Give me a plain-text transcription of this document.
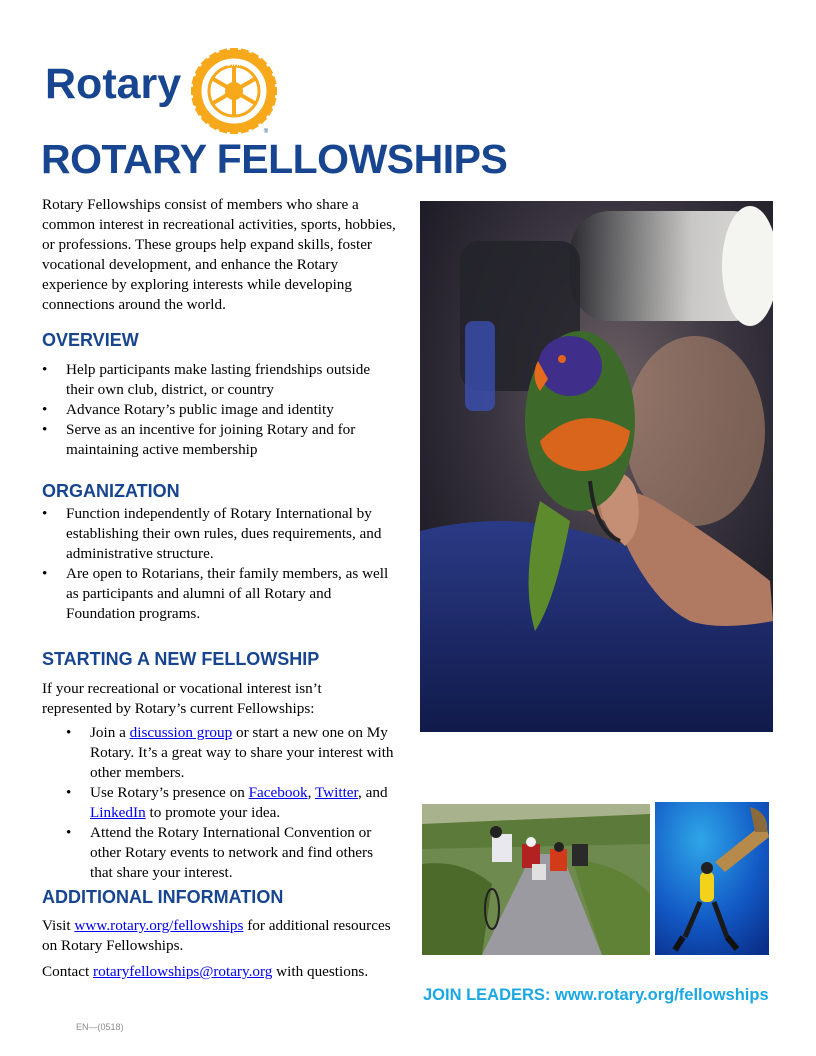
Rotary	ROTARY
®
ROTARY FELLOWSHIPS
Rotary Fellowships consist of members who share a common interest in recreational activities, sports, hobbies, or professions. These groups help expand skills, foster vocational development, and enhance the Rotary experience by exploring interests while developing connections around the world.
OVERVIEW
• Help participants make lasting friendships outside their own club, district, or country
• Advance Rotary’s public image and identity
• Serve as an incentive for joining Rotary and for maintaining active membership
ORGANIZATION
• Function independently of Rotary International by establishing their own rules, dues requirements, and administrative structure.
• Are open to Rotarians, their family members, as well as participants and alumni of all Rotary and Foundation programs.
STARTING A NEW FELLOWSHIP
If your recreational or vocational interest isn’t represented by Rotary’s current Fellowships:
• Join a discussion group or start a new one on My Rotary. It’s a great way to share your interest with other members.
• Use Rotary’s presence on Facebook, Twitter, and LinkedIn to promote your idea.
• Attend the Rotary International Convention or other Rotary events to network and find others that share your interest.
ADDITIONAL INFORMATION
Visit www.rotary.org/fellowships for additional resources on Rotary Fellowships.
Contact rotaryfellowships@rotary.org with questions.
JOIN LEADERS: www.rotary.org/fellowships
EN—(0518)
